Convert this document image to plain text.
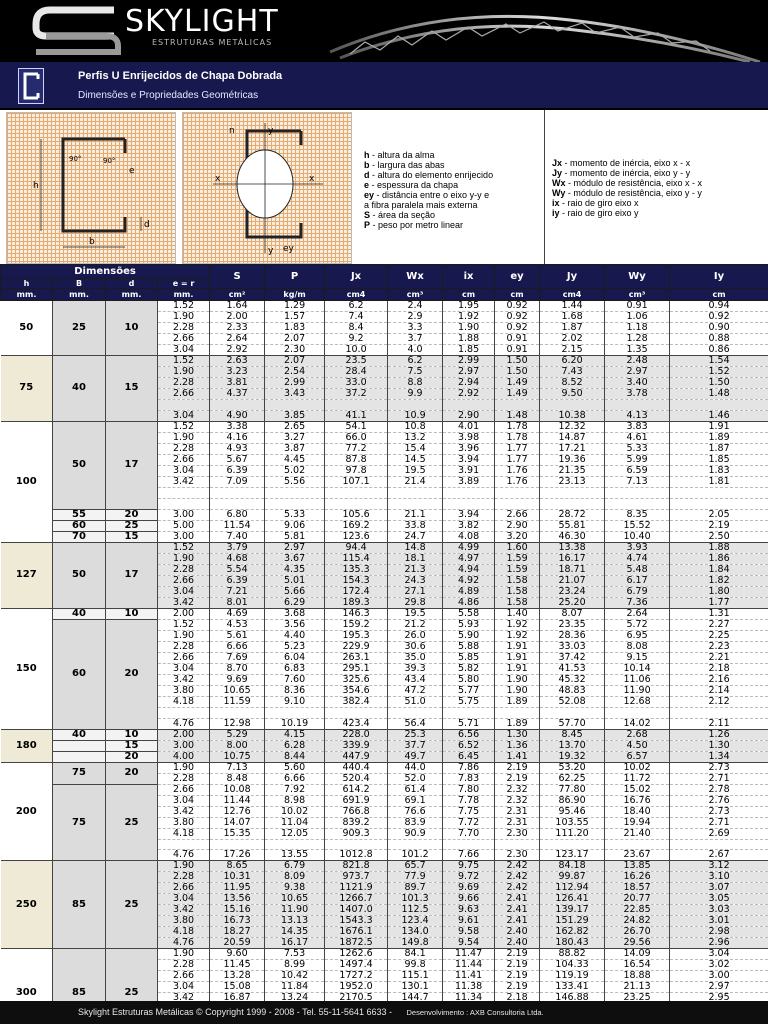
SKYLIGHT
ESTRUTURAS METÁLICAS
Perfis U Enrijecidos de Chapa Dobrada
Dimensões e Propriedades Geométricas
h
b
d
e
90°	90°
x	x
y
y
n
ey
h - altura da alma
b - largura das abas
d - altura do elemento enrijecido
e - espessura da chapa
ey - distância entre o eixo y-y e
a fibra paralela mais externa
S - área da seção
P - peso por metro linear
Jx - momento de inércia, eixo x - x
Jy - momento de inércia, eixo y - y
Wx - módulo de resistência, eixo x - x
Wy - módulo de resistência, eixo y - y
ix - raio de giro eixo x
iy - raio de giro eixo y
Dimensões				S	P	Jx	Wx	ix	ey	Jy	Wy	Iy
h	B	d	e = r									
mm.	mm.	mm.	mm.	cm²	kg/m	cm4	cm³	cm	cm	cm4	cm³	cm
50	25	10	1.52	1.64	1.29	6.2	2.4	1.95	0.92	1.44	0.91	0.94
			1.90	2.00	1.57	7.4	2.9	1.92	0.92	1.68	1.06	0.92
			2.28	2.33	1.83	8.4	3.3	1.90	0.92	1.87	1.18	0.90
			2.66	2.64	2.07	9.2	3.7	1.88	0.91	2.02	1.28	0.88
			3.04	2.92	2.30	10.0	4.0	1.85	0.91	2.15	1.35	0.86
75	40	15	1.52	2.63	2.07	23.5	6.2	2.99	1.50	6.20	2.48	1.54
			1.90	3.23	2.54	28.4	7.5	2.97	1.50	7.43	2.97	1.52
			2.28	3.81	2.99	33.0	8.8	2.94	1.49	8.52	3.40	1.50
			2.66	4.37	3.43	37.2	9.9	2.92	1.49	9.50	3.78	1.48

			3.04	4.90	3.85	41.1	10.9	2.90	1.48	10.38	4.13	1.46
100	50	17	1.52	3.38	2.65	54.1	10.8	4.01	1.78	12.32	3.83	1.91
			1.90	4.16	3.27	66.0	13.2	3.98	1.78	14.87	4.61	1.89
			2.28	4.93	3.87	77.2	15.4	3.96	1.77	17.21	5.33	1.87
			2.66	5.67	4.45	87.8	14.5	3.94	1.77	19.36	5.99	1.85
			3.04	6.39	5.02	97.8	19.5	3.91	1.76	21.35	6.59	1.83
			3.42	7.09	5.56	107.1	21.4	3.89	1.76	23.13	7.13	1.81

	55	20	3.00	6.80	5.33	105.6	21.1	3.94	2.66	28.72	8.35	2.05
	60	25	5.00	11.54	9.06	169.2	33.8	3.82	2.90	55.81	15.52	2.19
	70	15	3.00	7.40	5.81	123.6	24.7	4.08	3.20	46.30	10.40	2.50
127	50	17	1.52	3.79	2.97	94.4	14.8	4.99	1.60	13.38	3.93	1.88
			1.90	4.68	3.67	115.4	18.1	4.97	1.59	16.17	4.74	1.86
			2.28	5.54	4.35	135.3	21.3	4.94	1.59	18.71	5.48	1.84
			2.66	6.39	5.01	154.3	24.3	4.92	1.58	21.07	6.17	1.82
			3.04	7.21	5.66	172.4	27.1	4.89	1.58	23.24	6.79	1.80
			3.42	8.01	6.29	189.3	29.8	4.86	1.58	25.20	7.36	1.77
150	40	10	2.00	4.69	3.68	146.3	19.5	5.58	1.40	8.07	2.64	1.31
	60	20	1.52	4.53	3.56	159.2	21.2	5.93	1.92	23.35	5.72	2.27
			1.90	5.61	4.40	195.3	26.0	5.90	1.92	28.36	6.95	2.25
			2.28	6.66	5.23	229.9	30.6	5.88	1.91	33.03	8.08	2.23
			2.66	7.69	6.04	263.1	35.0	5.85	1.91	37.42	9.15	2.21
			3.04	8.70	6.83	295.1	39.3	5.82	1.91	41.53	10.14	2.18
			3.42	9.69	7.60	325.6	43.4	5.80	1.90	45.32	11.06	2.16
			3.80	10.65	8.36	354.6	47.2	5.77	1.90	48.83	11.90	2.14
			4.18	11.59	9.10	382.4	51.0	5.75	1.89	52.08	12.68	2.12

			4.76	12.98	10.19	423.4	56.4	5.71	1.89	57.70	14.02	2.11
180	40	10	2.00	5.29	4.15	228.0	25.3	6.56	1.30	8.45	2.68	1.26
		15	3.00	8.00	6.28	339.9	37.7	6.52	1.36	13.70	4.50	1.30
		20	4.00	10.75	8.44	447.9	49.7	6.45	1.41	19.32	6.57	1.34
200	75	20	1.90	7.13	5.60	440.4	44.0	7.86	2.19	53.20	10.02	2.73
			2.28	8.48	6.66	520.4	52.0	7.83	2.19	62.25	11.72	2.71
	75	25	2.66	10.08	7.92	614.2	61.4	7.80	2.32	77.80	15.02	2.78
			3.04	11.44	8.98	691.9	69.1	7.78	2.32	86.90	16.76	2.76
			3.42	12.76	10.02	766.8	76.6	7.75	2.31	95.46	18.40	2.73
			3.80	14.07	11.04	839.2	83.9	7.72	2.31	103.55	19.94	2.71
			4.18	15.35	12.05	909.3	90.9	7.70	2.30	111.20	21.40	2.69

			4.76	17.26	13.55	1012.8	101.2	7.66	2.30	123.17	23.67	2.67
250	85	25	1.90	8.65	6.79	821.8	65.7	9.75	2.42	84.18	13.85	3.12
			2.28	10.31	8.09	973.7	77.9	9.72	2.42	99.87	16.26	3.10
			2.66	11.95	9.38	1121.9	89.7	9.69	2.42	112.94	18.57	3.07
			3.04	13.56	10.65	1266.7	101.3	9.66	2.41	126.41	20.77	3.05
			3.42	15.16	11.90	1407.0	112.5	9.63	2.41	139.17	22.85	3.03
			3.80	16.73	13.13	1543.3	123.4	9.61	2.41	151.29	24.82	3.01
			4.18	18.27	14.35	1676.1	134.0	9.58	2.40	162.82	26.70	2.98
			4.76	20.59	16.17	1872.5	149.8	9.54	2.40	180.43	29.56	2.96
300	85	25	1.90	9.60	7.53	1262.6	84.1	11.47	2.19	88.82	14.09	3.04
			2.28	11.45	8.99	1497.4	99.8	11.44	2.19	104.33	16.54	3.02
			2.66	13.28	10.42	1727.2	115.1	11.41	2.19	119.19	18.88	3.00
			3.04	15.08	11.84	1952.0	130.1	11.38	2.19	133.41	21.13	2.97
			3.42	16.87	13.24	2170.5	144.7	11.34	2.18	146.88	23.25	2.95

Skylight Estruturas Metálicas © Copyright 1999 - 2008 - Tel. 55-11-5641 6633 - Desenvolvimento : AXB Consultoria Ltda.
